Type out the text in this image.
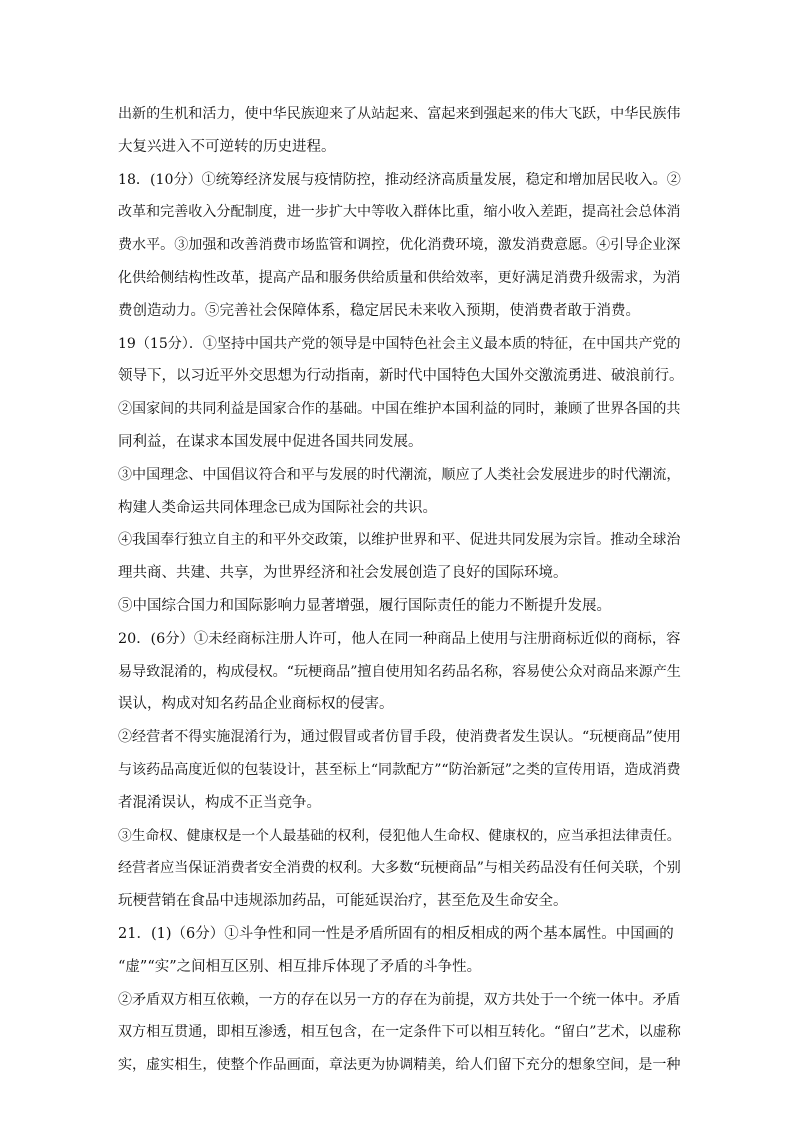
出新的生机和活力，使中华民族迎来了从站起来、富起来到强起来的伟大飞跃，中华民族伟
大复兴进入不可逆转的历史进程。
18．(10分）①统筹经济发展与疫情防控，推动经济高质量发展，稳定和增加居民收入。②
改革和完善收入分配制度，进一步扩大中等收入群体比重，缩小收入差距，提高社会总体消
费水平。③加强和改善消费市场监管和调控，优化消费环境，激发消费意愿。④引导企业深
化供给侧结构性改革，提高产品和服务供给质量和供给效率，更好满足消费升级需求，为消
费创造动力。⑤完善社会保障体系，稳定居民未来收入预期，使消费者敢于消费。
19（15分）．①坚持中国共产党的领导是中国特色社会主义最本质的特征，在中国共产党的
领导下，以习近平外交思想为行动指南，新时代中国特色大国外交激流勇进、破浪前行。
②国家间的共同利益是国家合作的基础。中国在维护本国利益的同时，兼顾了世界各国的共
同利益，在谋求本国发展中促进各国共同发展。
③中国理念、中国倡议符合和平与发展的时代潮流，顺应了人类社会发展进步的时代潮流，
构建人类命运共同体理念已成为国际社会的共识。
④我国奉行独立自主的和平外交政策，以维护世界和平、促进共同发展为宗旨。推动全球治
理共商、共建、共享，为世界经济和社会发展创造了良好的国际环境。
⑤中国综合国力和国际影响力显著增强，履行国际责任的能力不断提升发展。
20．(6分）①未经商标注册人许可，他人在同一种商品上使用与注册商标近似的商标，容
易导致混淆的，构成侵权。“玩梗商品”擅自使用知名药品名称，容易使公众对商品来源产生
误认，构成对知名药品企业商标权的侵害。
②经营者不得实施混淆行为，通过假冒或者仿冒手段，使消费者发生误认。“玩梗商品”使用
与该药品高度近似的包装设计，甚至标上“同款配方”“防治新冠”之类的宣传用语，造成消费
者混淆误认，构成不正当竞争。
③生命权、健康权是一个人最基础的权利，侵犯他人生命权、健康权的，应当承担法律责任。
经营者应当保证消费者安全消费的权利。大多数“玩梗商品”与相关药品没有任何关联，个别
玩梗营销在食品中违规添加药品，可能延误治疗，甚至危及生命安全。
21．(1)（6分）①斗争性和同一性是矛盾所固有的相反相成的两个基本属性。中国画的
“虚”“实”之间相互区别、相互排斥体现了矛盾的斗争性。
②矛盾双方相互依赖，一方的存在以另一方的存在为前提，双方共处于一个统一体中。矛盾
双方相互贯通，即相互渗透，相互包含，在一定条件下可以相互转化。“留白”艺术，以虚称
实，虚实相生，使整个作品画面，章法更为协调精美，给人们留下充分的想象空间，是一种
